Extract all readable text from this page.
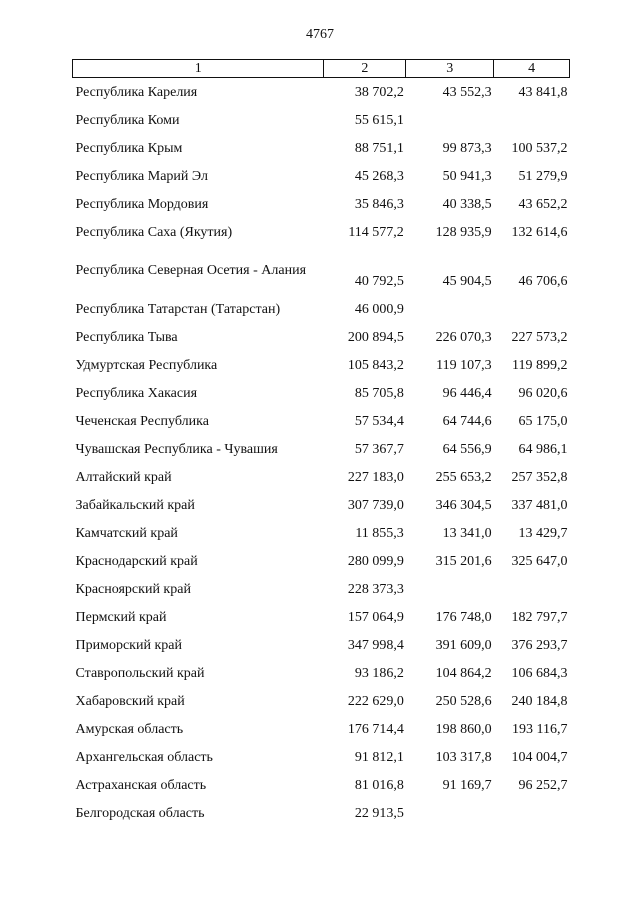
4767
1	2	3	4
Республика Карелия	38 702,2	43 552,3	43 841,8
Республика Коми	55 615,1		
Республика Крым	88 751,1	99 873,3	100 537,2
Республика Марий Эл	45 268,3	50 941,3	51 279,9
Республика Мордовия	35 846,3	40 338,5	43 652,2
Республика Саха (Якутия)	114 577,2	128 935,9	132 614,6
Республика Северная Осетия - Алания	40 792,5	45 904,5	46 706,6
Республика Татарстан (Татарстан)	46 000,9		
Республика Тыва	200 894,5	226 070,3	227 573,2
Удмуртская Республика	105 843,2	119 107,3	119 899,2
Республика Хакасия	85 705,8	96 446,4	96 020,6
Чеченская Республика	57 534,4	64 744,6	65 175,0
Чувашская Республика - Чувашия	57 367,7	64 556,9	64 986,1
Алтайский край	227 183,0	255 653,2	257 352,8
Забайкальский край	307 739,0	346 304,5	337 481,0
Камчатский край	11 855,3	13 341,0	13 429,7
Краснодарский край	280 099,9	315 201,6	325 647,0
Красноярский край	228 373,3		
Пермский край	157 064,9	176 748,0	182 797,7
Приморский край	347 998,4	391 609,0	376 293,7
Ставропольский край	93 186,2	104 864,2	106 684,3
Хабаровский край	222 629,0	250 528,6	240 184,8
Амурская область	176 714,4	198 860,0	193 116,7
Архангельская область	91 812,1	103 317,8	104 004,7
Астраханская область	81 016,8	91 169,7	96 252,7
Белгородская область	22 913,5		
